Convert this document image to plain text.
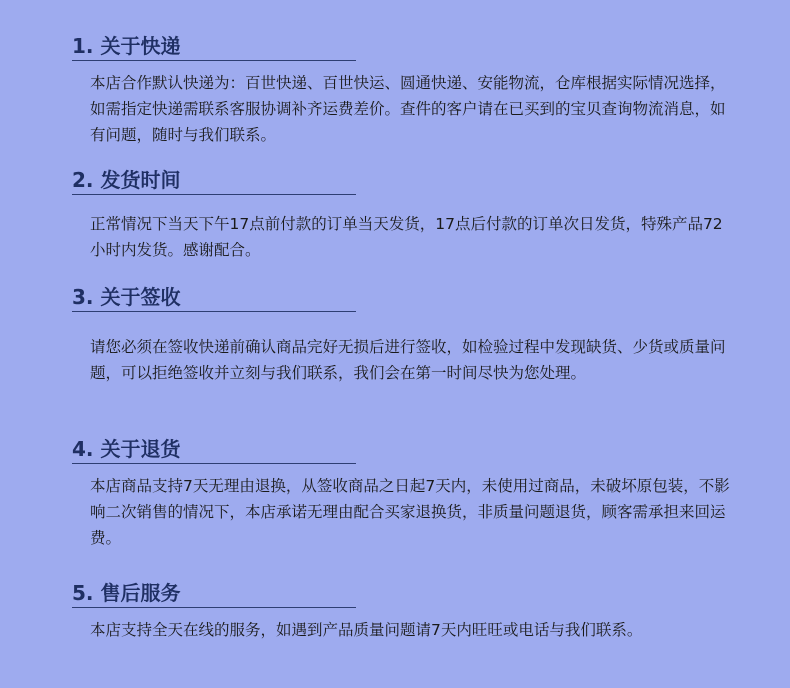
1. 关于快递
本店合作默认快递为：百世快递、百世快运、圆通快递、安能物流，仓库根据实际情况选择，如需指定快递需联系客服协调补齐运费差价。查件的客户请在已买到的宝贝查询物流消息，如有问题，随时与我们联系。
2. 发货时间
正常情况下当天下午17点前付款的订单当天发货，17点后付款的订单次日发货，特殊产品72小时内发货。感谢配合。
3. 关于签收
请您必须在签收快递前确认商品完好无损后进行签收，如检验过程中发现缺货、少货或质量问题，可以拒绝签收并立刻与我们联系，我们会在第一时间尽快为您处理。
4. 关于退货
本店商品支持7天无理由退换，从签收商品之日起7天内，未使用过商品，未破坏原包装，不影响二次销售的情况下，本店承诺无理由配合买家退换货，非质量问题退货，顾客需承担来回运费。
5. 售后服务
本店支持全天在线的服务，如遇到产品质量问题请7天内旺旺或电话与我们联系。
